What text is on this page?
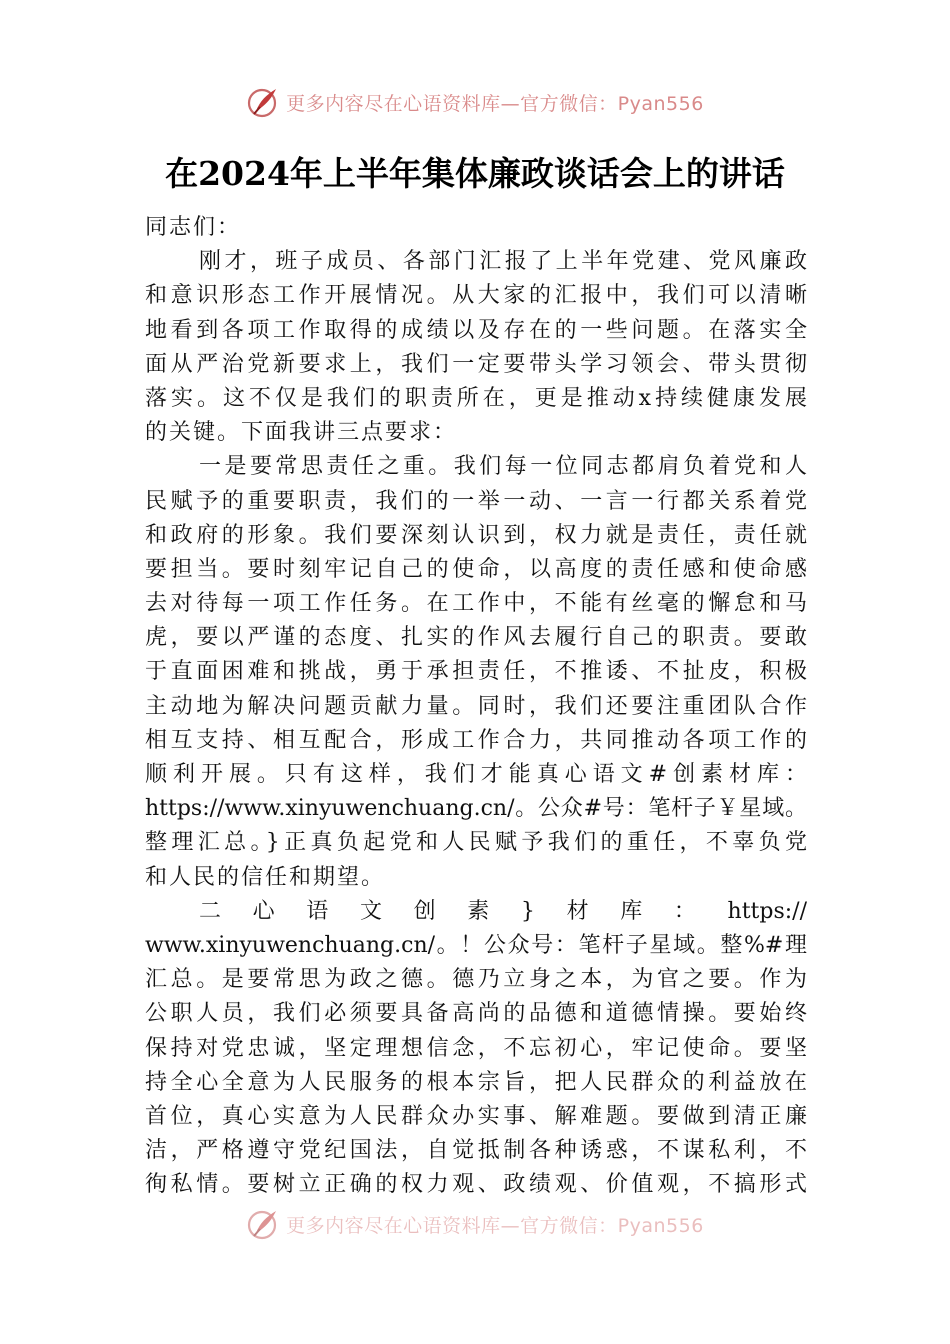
更多内容尽在心语资料库—官方微信：Pyan556
在2024年上半年集体廉政谈话会上的讲话
同志们：
刚才，班子成员、各部门汇报了上半年党建、党风廉政
和意识形态工作开展情况。从大家的汇报中，我们可以清晰
地看到各项工作取得的成绩以及存在的一些问题。在落实全
面从严治党新要求上，我们一定要带头学习领会、带头贯彻
落实。这不仅是我们的职责所在，更是推动x持续健康发展
的关键。下面我讲三点要求：
一是要常思责任之重。我们每一位同志都肩负着党和人
民赋予的重要职责，我们的一举一动、一言一行都关系着党
和政府的形象。我们要深刻认识到，权力就是责任，责任就
要担当。要时刻牢记自己的使命，以高度的责任感和使命感
去对待每一项工作任务。在工作中，不能有丝毫的懈怠和马
虎，要以严谨的态度、扎实的作风去履行自己的职责。要敢
于直面困难和挑战，勇于承担责任，不推诿、不扯皮，积极
主动地为解决问题贡献力量。同时，我们还要注重团队合作
相互支持、相互配合，形成工作合力，共同推动各项工作的
顺利开展。只有这样，我们才能真心语文#创素材库：
https://www.xinyuwenchuang.cn/。公众#号：笔杆子￥星域。
整理汇总。}正真负起党和人民赋予我们的重任，不辜负党
和人民的信任和期望。
二心语文创素}材库：https://
www.xinyuwenchuang.cn/。！公众号：笔杆子星域。整%#理
汇总。是要常思为政之德。德乃立身之本，为官之要。作为
公职人员，我们必须要具备高尚的品德和道德情操。要始终
保持对党忠诚，坚定理想信念，不忘初心，牢记使命。要坚
持全心全意为人民服务的根本宗旨，把人民群众的利益放在
首位，真心实意为人民群众办实事、解难题。要做到清正廉
洁，严格遵守党纪国法，自觉抵制各种诱惑，不谋私利，不
徇私情。要树立正确的权力观、政绩观、价值观，不搞形式
更多内容尽在心语资料库—官方微信：Pyan556
